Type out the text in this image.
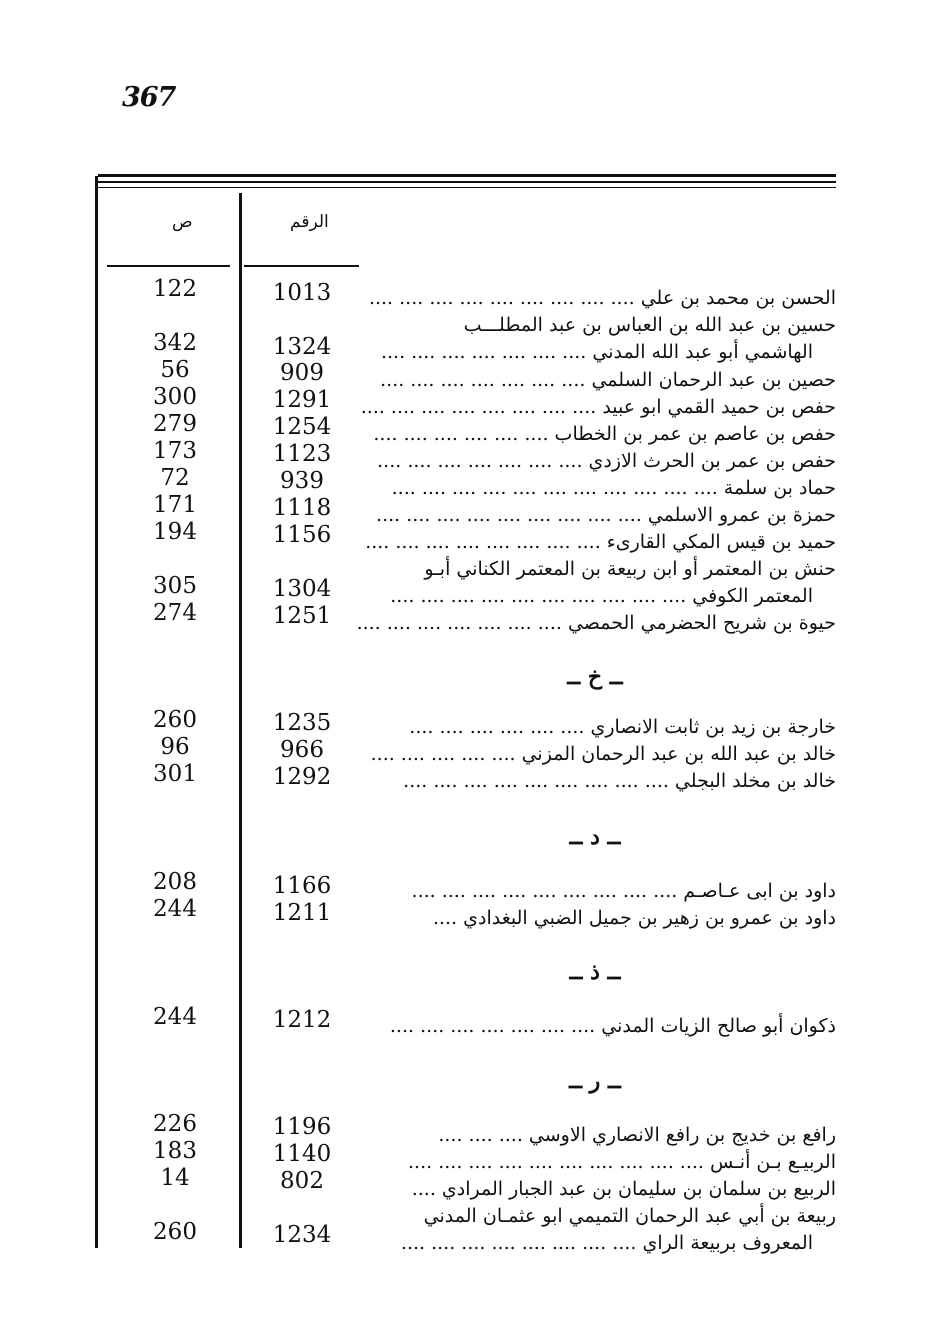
367
ص	الرقم
الحسن بن محمد بن علي .... .... .... .... .... .... .... .... ....
1013
122
حسين بن عبد الله بن العباس بن عبد المطلـــب
الهاشمي أبو عبد الله المدني .... .... .... .... .... .... ....
1324
342
حصين بن عبد الرحمان السلمي .... .... .... .... .... .... ....
909
56
حفص بن حميد القمي ابو عبيد .... .... .... .... .... .... .... ....
1291
300
حفص بن عاصم بن عمر بن الخطاب .... .... .... .... .... ....
1254
279
حفص بن عمر بن الحرث الازدي .... .... .... .... .... .... ....
1123
173
حماد بن سلمة .... .... .... .... .... .... .... .... .... .... ....
939
72
حمزة بن عمرو الاسلمي .... .... .... .... .... .... .... .... ....
1118
171
حميد بن قيس المكي القارىء .... .... .... .... .... .... .... ....
1156
194
حنش بن المعتمر أو ابن ربيعة بن المعتمر الكناني أبـو
المعتمر الكوفي .... .... .... .... .... .... .... .... .... ....
1304
305
حيوة بن شريح الحضرمي الحمصي .... .... .... .... .... .... ....
1251
274
ــ خ ــ
خارجة بن زيد بن ثابت الانصاري .... .... .... .... .... ....
1235
260
خالد بن عبد الله بن عبد الرحمان المزني .... .... .... .... ....
966
96
خالد بن مخلد البجلي .... .... .... .... .... .... .... .... ....
1292
301
ــ د ــ
داود بن ابى عـاصـم .... .... .... .... .... .... .... .... ....
1166
208
داود بن عمرو بن زهير بن جميل الضبي البغدادي ....
1211
244
ــ ذ ــ
ذكوان أبو صالح الزيات المدني .... .... .... .... .... .... ....
1212
244
ــ ر ــ
رافع بن خديج بن رافع الانصاري الاوسي .... .... ....
1196
226
الربيـع بـن أنـس .... .... .... .... .... .... .... .... .... ....
1140
183
الربيع بن سلمان بن سليمان بن عبد الجبار المرادي ....
802
14
ربيعة بن أبي عبد الرحمان التميمي ابو عثمـان المدني
المعروف بربيعة الراي .... .... .... .... .... .... .... ....
1234
260
